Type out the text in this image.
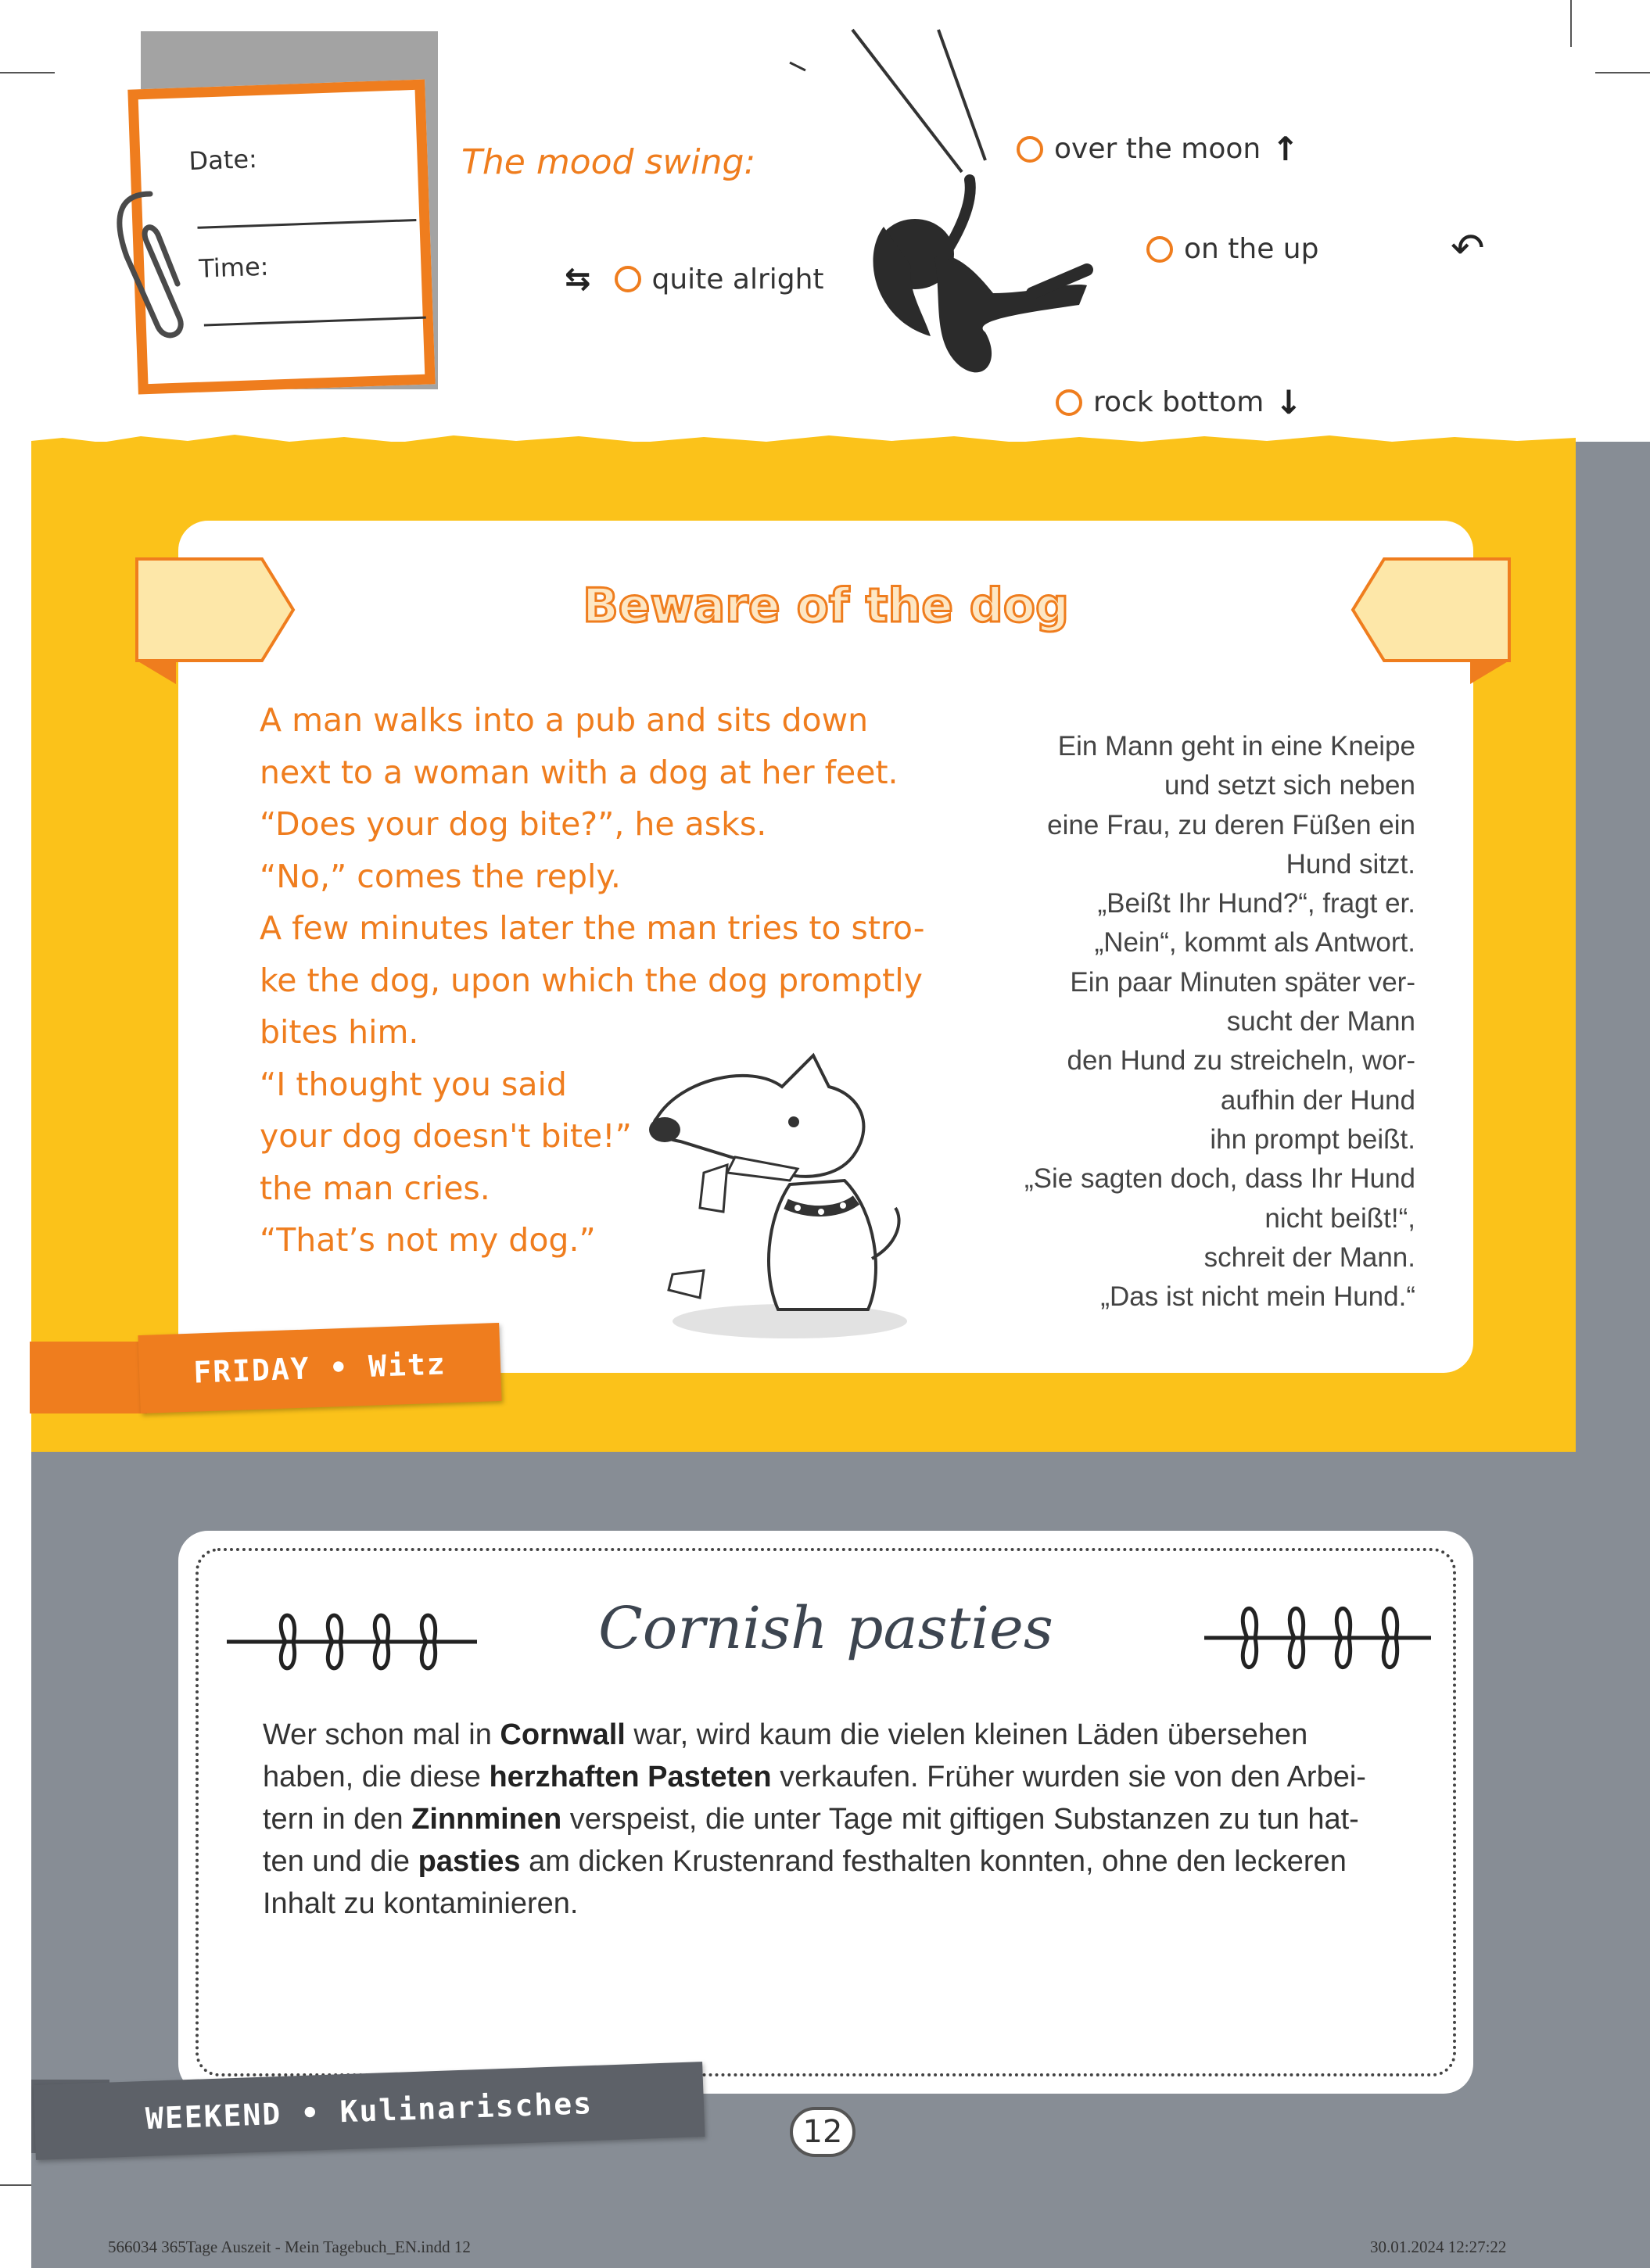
Date:
Time:
The mood swing:	over the moon ↑
on the up	↶
⇆ quite alright
rock bottom ↓
Beware of the dog

A man walks into a pub and sits down

next to a woman with a dog at her feet.

“Does your dog bite?”, he asks.

“No,” comes the reply.

A few minutes later the man tries to stro-

ke the dog, upon which the dog promptly

bites him.

“I thought you said

your dog doesn't bite!”

the man cries.

“That’s not my dog.”

Ein Mann geht in eine Kneipe

und setzt sich neben

eine Frau, zu deren Füßen ein

Hund sitzt.

„Beißt Ihr Hund?“, fragt er.

„Nein“, kommt als Antwort.

Ein paar Minuten später ver-

sucht der Mann

den Hund zu streicheln, wor-

aufhin der Hund

ihn prompt beißt.

„Sie sagten doch, dass Ihr Hund

nicht beißt!“,

schreit der Mann.

„Das ist nicht mein Hund.“

FRIDAY • Witz
Cornish pasties

Wer schon mal in Cornwall war, wird kaum die vielen kleinen Läden übersehen

haben, die diese herzhaften Pasteten verkaufen. Früher wurden sie von den Arbei-

tern in den Zinnminen verspeist, die unter Tage mit giftigen Substanzen zu tun hat-

ten und die pasties am dicken Krustenrand festhalten konnten, ohne den leckeren

Inhalt zu kontaminieren.

WEEKEND • Kulinarisches	12
566034 365Tage Auszeit - Mein Tagebuch_EN.indd 12	30.01.2024 12:27:22
